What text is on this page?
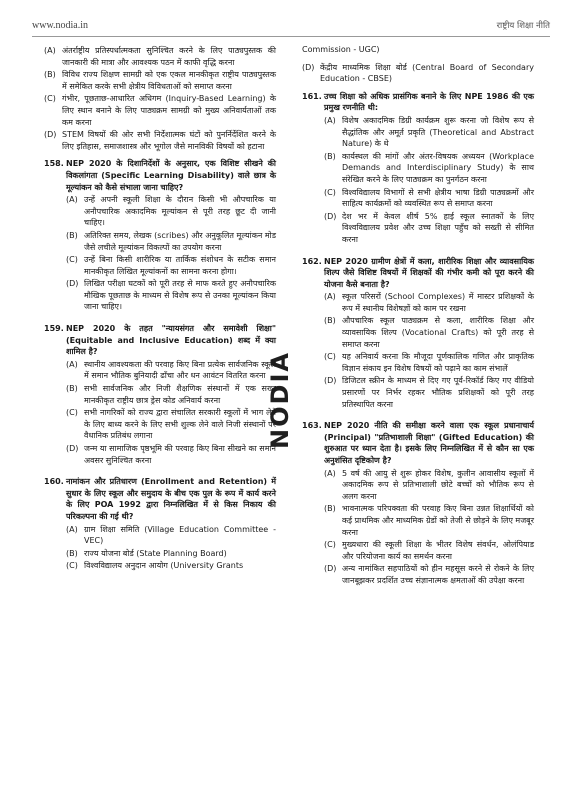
www.nodia.in	राष्ट्रीय शिक्षा नीति
NODIA
(A) अंतर्राष्ट्रीय प्रतिस्पर्धात्मकता सुनिश्चित करने के लिए पाठ्यपुस्तक की जानकारी की मात्रा और आवश्यक पठन में काफी वृद्धि करना
(B) विविध राज्य शिक्षण सामग्री को एक एकल मानकीकृत राष्ट्रीय पाठ्यपुस्तक में समेकित करके सभी क्षेत्रीय विविधताओं को समाप्त करना
(C) गंभीर, पूछताछ-आधारित अधिगम (Inquiry-Based Learning) के लिए स्थान बनाने के लिए पाठ्यक्रम सामग्री को मुख्य अनिवार्यताओं तक कम करना
(D) STEM विषयों की ओर सभी निर्देशात्मक घंटों को पुनर्निर्देशित करने के लिए इतिहास, समाजशास्त्र और भूगोल जैसे मानविकी विषयों को हटाना
158. NEP 2020 के दिशानिर्देशों के अनुसार, एक विशिष्ट सीखने की विकलांगता (Specific Learning Disability) वाले छात्र के मूल्यांकन को कैसे संभाला जाना चाहिए?
(A) उन्हें अपनी स्कूली शिक्षा के दौरान किसी भी औपचारिक या अनौपचारिक अकादमिक मूल्यांकन से पूरी तरह छूट दी जानी चाहिए।
(B) अतिरिक्त समय, लेखक (scribes) और अनुकूलित मूल्यांकन मोड जैसे लचीले मूल्यांकन विकल्पों का उपयोग करना
(C) उन्हें बिना किसी शारीरिक या तार्किक संशोधन के सटीक समान मानकीकृत लिखित मूल्यांकनों का सामना करना होगा।
(D) लिखित परीक्षा घटकों को पूरी तरह से माफ करते हुए अनौपचारिक मौखिक पूछताछ के माध्यम से विशेष रूप से उनका मूल्यांकन किया जाना चाहिए।
159. NEP 2020 के तहत "न्यायसंगत और समावेशी शिक्षा" (Equitable and Inclusive Education) शब्द में क्या शामिल है?
(A) स्थानीय आवश्यकता की परवाह किए बिना प्रत्येक सार्वजनिक स्कूल में समान भौतिक बुनियादी ढाँचा और धन आवंटन वितरित करना
(B) सभी सार्वजनिक और निजी शैक्षणिक संस्थानों में एक सख्त मानकीकृत राष्ट्रीय छात्र ड्रेस कोड अनिवार्य करना
(C) सभी नागरिकों को राज्य द्वारा संचालित सरकारी स्कूलों में भाग लेने के लिए बाध्य करने के लिए सभी शुल्क लेने वाले निजी संस्थानों पर वैधानिक प्रतिबंध लगाना
(D) जन्म या सामाजिक पृष्ठभूमि की परवाह किए बिना सीखने का समान अवसर सुनिश्चित करना
160. नामांकन और प्रतिधारण (Enrollment and Retention) में सुधार के लिए स्कूल और समुदाय के बीच एक पुल के रूप में कार्य करने के लिए POA 1992 द्वारा निम्नलिखित में से किस निकाय की परिकल्पना की गई थी?
(A) ग्राम शिक्षा समिति (Village Education Committee - VEC)
(B) राज्य योजना बोर्ड (State Planning Board)
(C) विश्वविद्यालय अनुदान आयोग (University Grants
Commission - UGC)
(D) केंद्रीय माध्यमिक शिक्षा बोर्ड (Central Board of Secondary Education - CBSE)
161. उच्च शिक्षा को अधिक प्रासंगिक बनाने के लिए NPE 1986 की एक प्रमुख रणनीति थी:
(A) विशेष अकादमिक डिग्री कार्यक्रम शुरू करना जो विशेष रूप से सैद्धांतिक और अमूर्त प्रकृति (Theoretical and Abstract Nature) के थे
(B) कार्यस्थल की मांगों और अंतर-विषयक अध्ययन (Workplace Demands and Interdisciplinary Study) के साथ संरेखित करने के लिए पाठ्यक्रम का पुनर्गठन करना
(C) विश्वविद्यालय विभागों से सभी क्षेत्रीय भाषा डिग्री पाठ्यक्रमों और साहित्य कार्यक्रमों को व्यवस्थित रूप से समाप्त करना
(D) देश भर में केवल शीर्ष 5% हाई स्कूल स्नातकों के लिए विश्वविद्यालय प्रवेश और उच्च शिक्षा पहुँच को सख्ती से सीमित करना
162. NEP 2020 ग्रामीण क्षेत्रों में कला, शारीरिक शिक्षा और व्यावसायिक शिल्प जैसे विशिष्ट विषयों में शिक्षकों की गंभीर कमी को पूरा करने की योजना कैसे बनाता है?
(A) स्कूल परिसरों (School Complexes) में मास्टर प्रशिक्षकों के रूप में स्थानीय विशेषज्ञों को काम पर रखना
(B) औपचारिक स्कूल पाठ्यक्रम से कला, शारीरिक शिक्षा और व्यावसायिक शिल्प (Vocational Crafts) को पूरी तरह से समाप्त करना
(C) यह अनिवार्य करना कि मौजूदा पूर्णकालिक गणित और प्राकृतिक विज्ञान संकाय इन विशेष विषयों को पढ़ाने का काम संभालें
(D) डिजिटल स्क्रीन के माध्यम से दिए गए पूर्व-रिकॉर्ड किए गए वीडियो प्रसारणों पर निर्भर रहकर भौतिक प्रशिक्षकों को पूरी तरह प्रतिस्थापित करना
163. NEP 2020 नीति की समीक्षा करने वाला एक स्कूल प्रधानाचार्य (Principal) "प्रतिभाशाली शिक्षा" (Gifted Education) की शुरुआत पर ध्यान देता है। इसके लिए निम्नलिखित में से कौन सा एक अनुशंसित दृष्टिकोण है?
(A) 5 वर्ष की आयु से शुरू होकर विशेष, कुलीन आवासीय स्कूलों में अकादमिक रूप से प्रतिभाशाली छोटे बच्चों को भौतिक रूप से अलग करना
(B) भावनात्मक परिपक्वता की परवाह किए बिना उन्नत शिक्षार्थियों को कई प्राथमिक और माध्यमिक ग्रेडों को तेजी से छोड़ने के लिए मजबूर करना
(C) मुख्यधारा की स्कूली शिक्षा के भीतर विशेष संवर्धन, ओलंपियाड और परियोजना कार्य का समर्थन करना
(D) अन्य नामांकित सहपाठियों को हीन महसूस करने से रोकने के लिए जानबूझकर प्रदर्शित उच्च संज्ञानात्मक क्षमताओं की उपेक्षा करना
